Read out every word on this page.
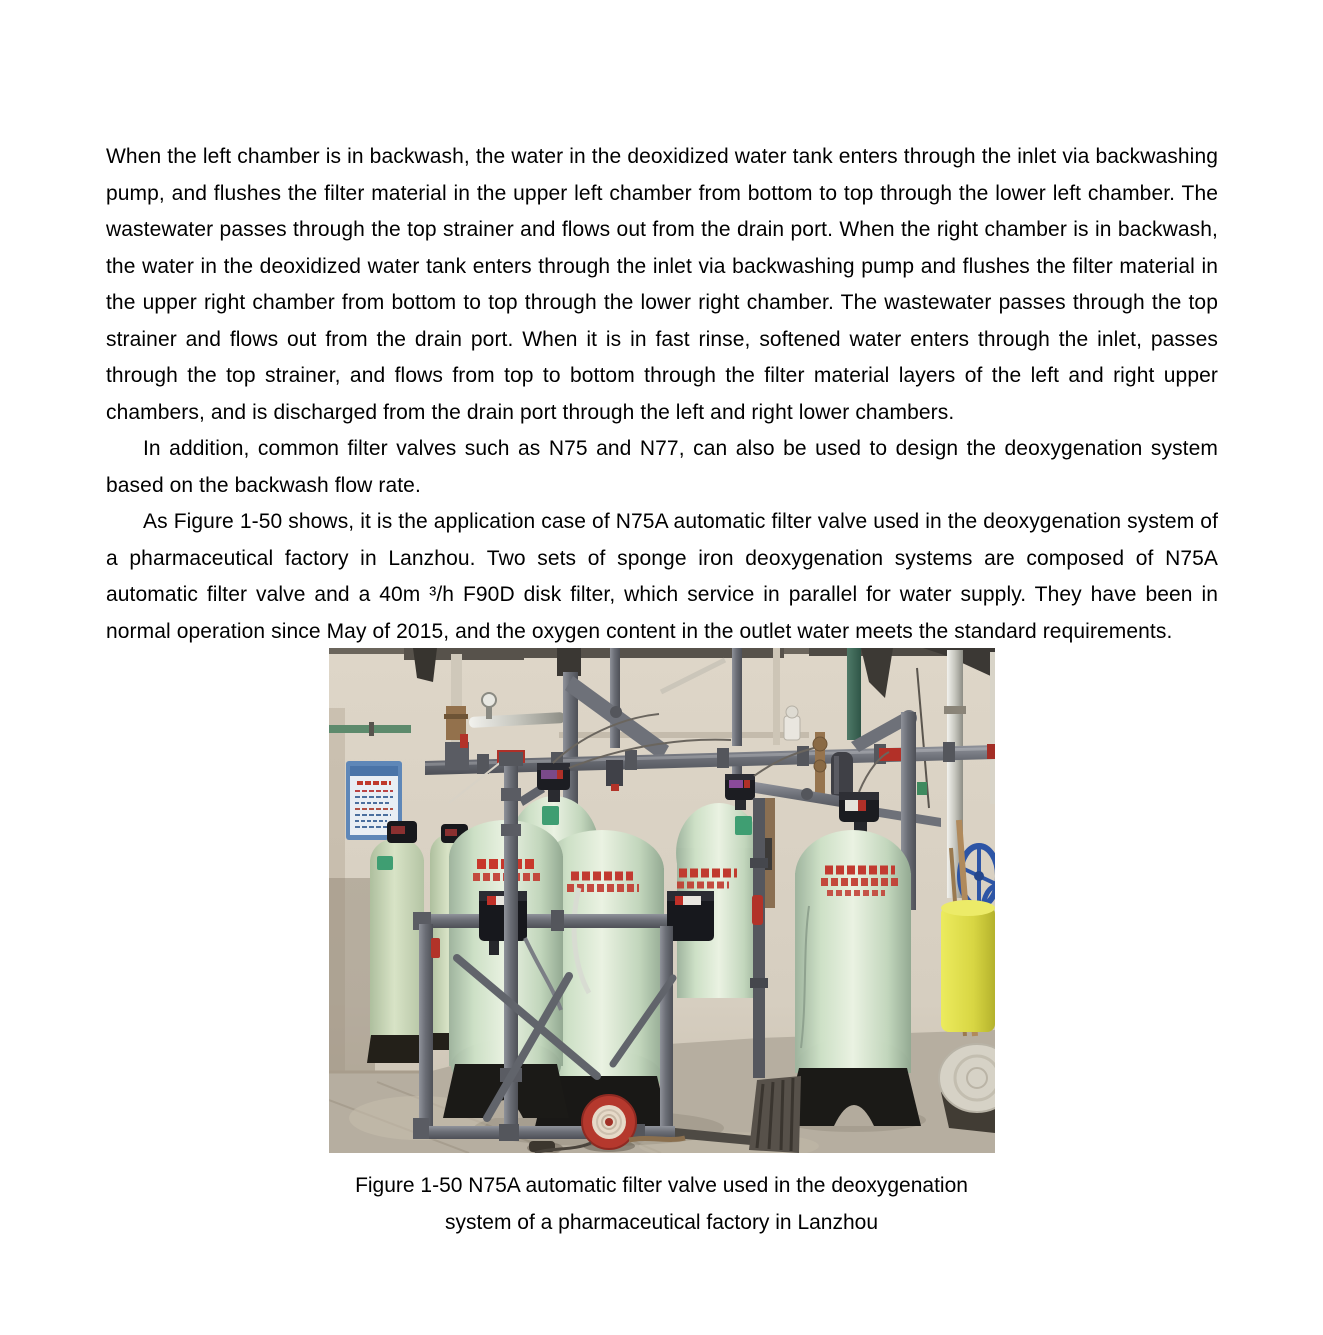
When the left chamber is in backwash, the water in the deoxidized water tank enters through the inlet via backwashing pump, and flushes the filter material in the upper left chamber from bottom to top through the lower left chamber. The wastewater passes through the top strainer and flows out from the drain port. When the right chamber is in backwash, the water in the deoxidized water tank enters through the inlet via backwashing pump and flushes the filter material in the upper right chamber from bottom to top through the lower right chamber. The wastewater passes through the top strainer and flows out from the drain port. When it is in fast rinse, softened water enters through the inlet, passes through the top strainer, and flows from top to bottom through the filter material layers of the left and right upper chambers, and is discharged from the drain port through the left and right lower chambers.

In addition, common filter valves such as N75 and N77, can also be used to design the deoxygenation system based on the backwash flow rate.

As Figure 1-50 shows, it is the application case of N75A automatic filter valve used in the deoxygenation system of a pharmaceutical factory in Lanzhou. Two sets of sponge iron deoxygenation systems are composed of N75A automatic filter valve and a 40m ³/h F90D disk filter, which service in parallel for water supply. They have been in normal operation since May of 2015, and the oxygen content in the outlet water meets the standard requirements.

Figure 1-50 N75A automatic filter valve used in the deoxygenation
system of a pharmaceutical factory in Lanzhou
